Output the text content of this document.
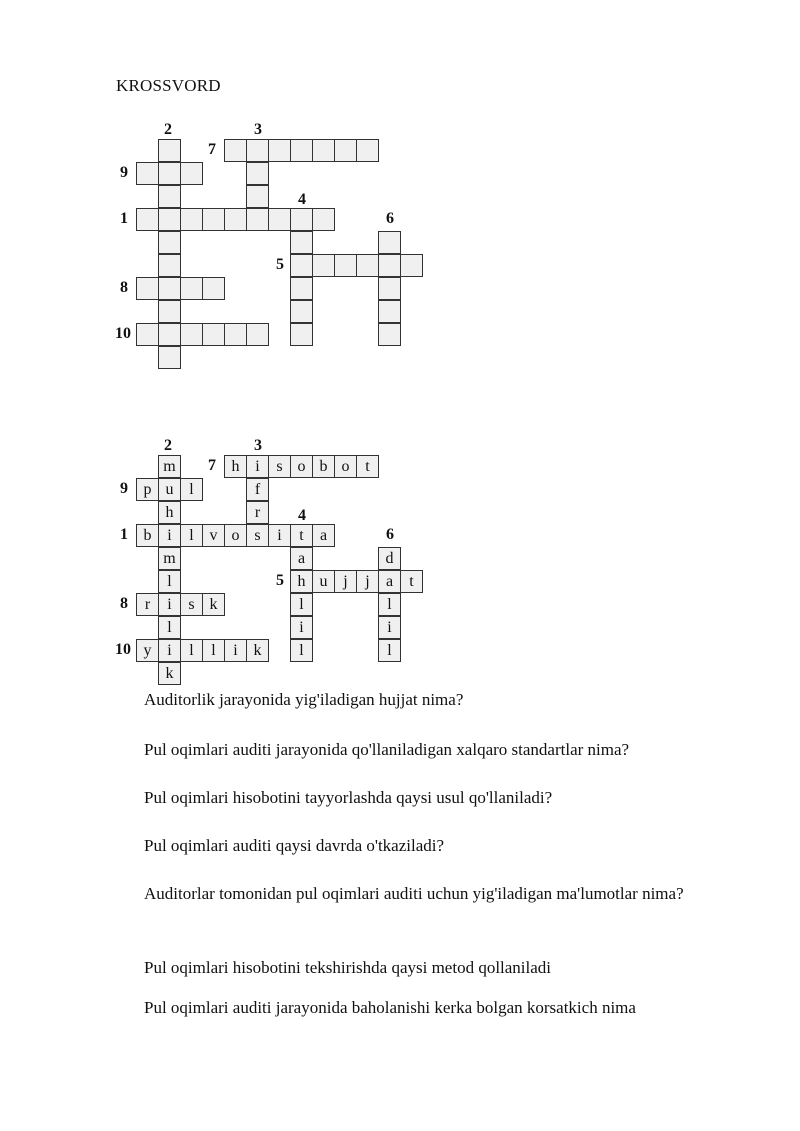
KROSSVORD
2	3
7
9
4
1	6
5
8
10
h i	s o b o t
m
u
i
l
i
i
k
p	l	f
r
b	l v o s	i	t	a
a
l
i
l
h u j	j	a	t
d
l
i
l
r	s k
y	l	l	i k
h
m
l
2	3
7
9
4
1	6
5
8
10
Auditorlik jarayonida yig'iladigan hujjat nima?
Pul oqimlari auditi jarayonida qo'llaniladigan xalqaro standartlar nima?
Pul oqimlari hisobotini tayyorlashda qaysi usul qo'llaniladi?
Pul oqimlari auditi qaysi davrda o'tkaziladi?
Auditorlar tomonidan pul oqimlari auditi uchun yig'iladigan ma'lumotlar nima?
Pul oqimlari hisobotini tekshirishda qaysi metod qollaniladi
Pul oqimlari auditi jarayonida baholanishi kerka bolgan korsatkich nima
